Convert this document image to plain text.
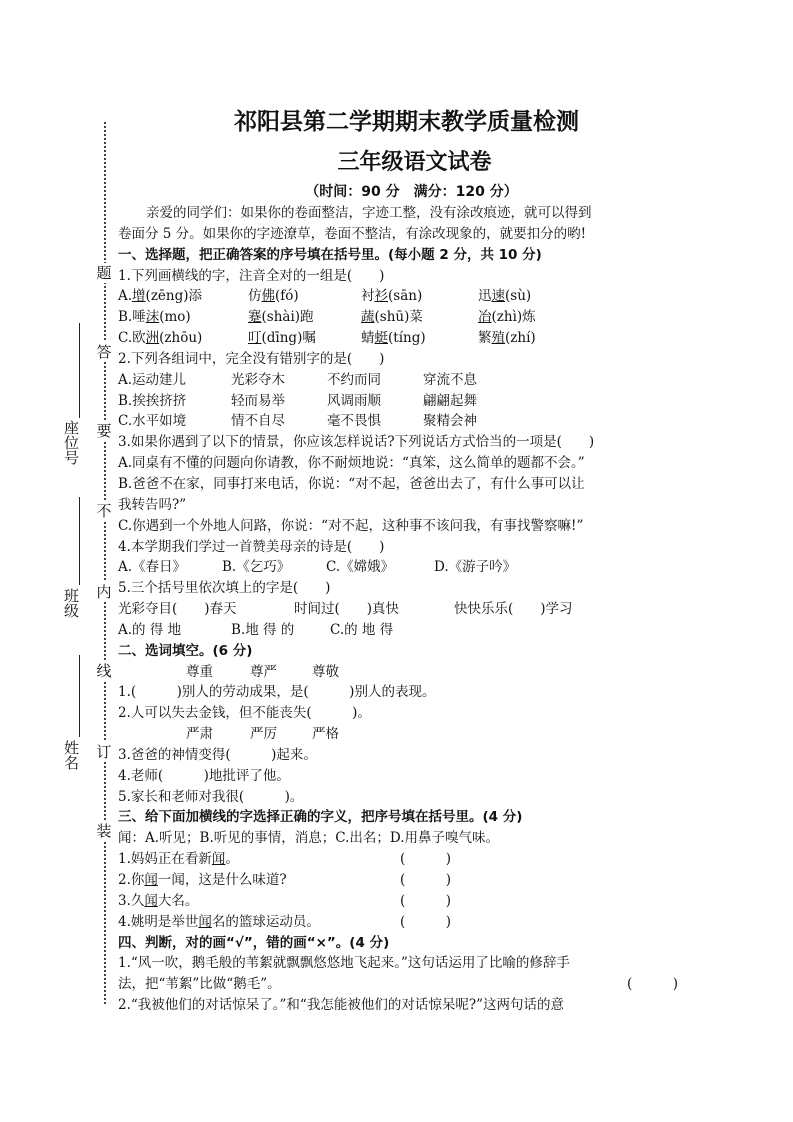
题
答
要
不
内
线
订
装
座位号
班级
姓名
祁阳县第二学期期末教学质量检测
三年级语文试卷
（时间：90 分　满分：120 分）
亲爱的同学们：如果你的卷面整洁，字迹工整，没有涂改痕迹，就可以得到
卷面分 5 分。如果你的字迹潦草，卷面不整洁，有涂改现象的，就要扣分的哟!
一、选择题，把正确答案的序号填在括号里。(每小题 2 分，共 10 分)
1.下列画横线的字，注音全对的一组是(　　)
A.增(zēng)添	仿佛(fó)	衬衫(sān)	迅速(sù)
B.唾沫(mo)	蹇(shài)跑	蔬(shū)菜	冶(zhì)炼
C.欧洲(zhōu)	叮(dīng)嘱	蜻蜓(tíng)	繁殖(zhí)
2.下列各组词中，完全没有错别字的是(　　)
A.运动建儿	光彩夺木	不约而同	穿流不息
B.挨挨挤挤	轻而易举	风调雨顺	翩翩起舞
C.水平如境	情不自尽	毫不畏惧	聚精会神
3.如果你遇到了以下的情景，你应该怎样说话?下列说话方式恰当的一项是(　　)
A.同桌有不懂的问题向你请教，你不耐烦地说：“真笨，这么简单的题都不会。”
B.爸爸不在家，同事打来电话，你说：“对不起，爸爸出去了，有什么事可以让
我转告吗?”
C.你遇到一个外地人问路，你说：“对不起，这种事不该问我，有事找警察嘛!”
4.本学期我们学过一首赞美母亲的诗是(　　)
A.《春日》	B.《乞巧》	C.《嫦娥》	D.《游子吟》
5.三个括号里依次填上的字是(　　)
光彩夺目(　　)春天	时间过(　　)真快	快快乐乐(　　)学习
A.的 得 地	B.地 得 的	C.的 地 得
二、选词填空。(6 分)
尊重	尊严	尊敬
1.(　　　)别人的劳动成果，是(　　　)别人的表现。
2.人可以失去金钱，但不能丧失(　　　)。
严肃	严厉	严格
3.爸爸的神情变得(　　　)起来。
4.老师(　　　)地批评了他。
5.家长和老师对我很(　　　)。
三、给下面加横线的字选择正确的字义，把序号填在括号里。(4 分)
闻：A.听见；B.听见的事情，消息；C.出名；D.用鼻子嗅气味。
1.妈妈正在看新闻。	(　　　)
2.你闻一闻，这是什么味道?	(　　　)
3.久闻大名。	(　　　)
4.姚明是举世闻名的篮球运动员。	(　　　)
四、判断，对的画“√”，错的画“×”。(4 分)
1.“风一吹，鹅毛般的苇絮就飘飘悠悠地飞起来。”这句话运用了比喻的修辞手
法，把“苇絮”比做“鹅毛”。	(　　　)
2.“我被他们的对话惊呆了。”和“我怎能被他们的对话惊呆呢?”这两句话的意
